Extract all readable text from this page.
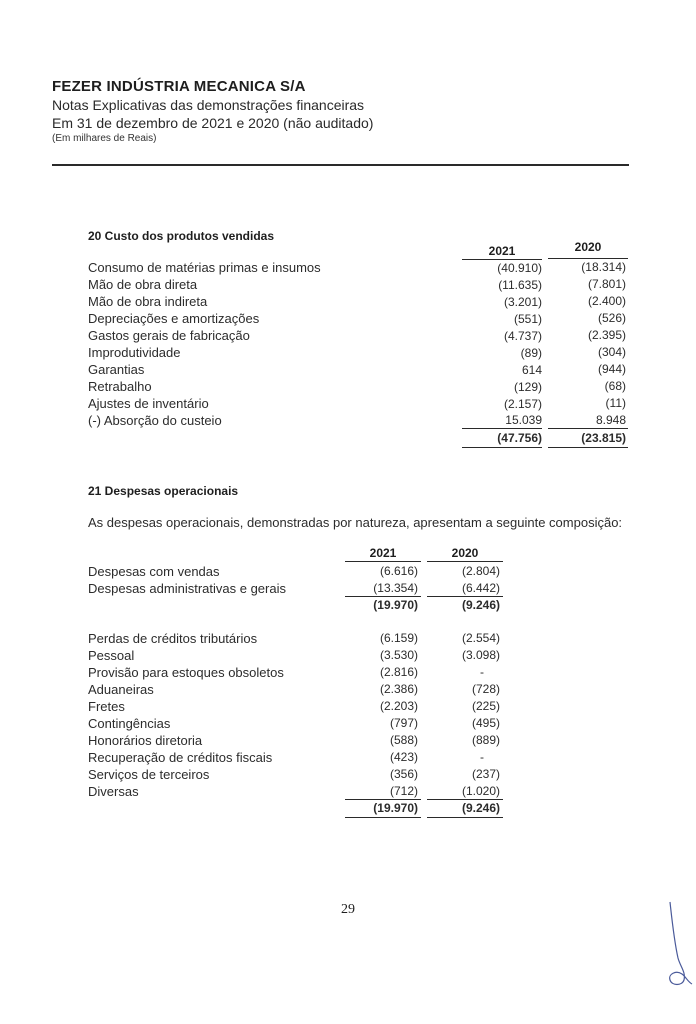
FEZER INDÚSTRIA MECANICA S/A
Notas Explicativas das demonstrações financeiras
Em 31 de dezembro de 2021 e 2020 (não auditado)
(Em milhares de Reais)
20 Custo dos produtos vendidas
2021	2020
Consumo de matérias primas e insumos	(40.910)	(18.314)
Mão de obra direta	(11.635)	(7.801)
Mão de obra indireta	(3.201)	(2.400)
Depreciações e amortizações	(551)	(526)
Gastos gerais de fabricação	(4.737)	(2.395)
Improdutividade	(89)	(304)
Garantias	614	(944)
Retrabalho	(129)	(68)
Ajustes de inventário	(2.157)	(11)
(-) Absorção do custeio	15.039	8.948
(47.756)	(23.815)
21 Despesas operacionais
As despesas operacionais, demonstradas por natureza, apresentam a seguinte composição:
2021	2020
Despesas com vendas	(6.616)	(2.804)
Despesas administrativas e gerais	(13.354)	(6.442)
(19.970)	(9.246)
Perdas de créditos tributários	(6.159)	(2.554)
Pessoal	(3.530)	(3.098)
Provisão para estoques obsoletos	(2.816)	-
Aduaneiras	(2.386)	(728)
Fretes	(2.203)	(225)
Contingências	(797)	(495)
Honorários diretoria	(588)	(889)
Recuperação de créditos fiscais	(423)	-
Serviços de terceiros	(356)	(237)
Diversas	(712)	(1.020)
(19.970)	(9.246)
29
